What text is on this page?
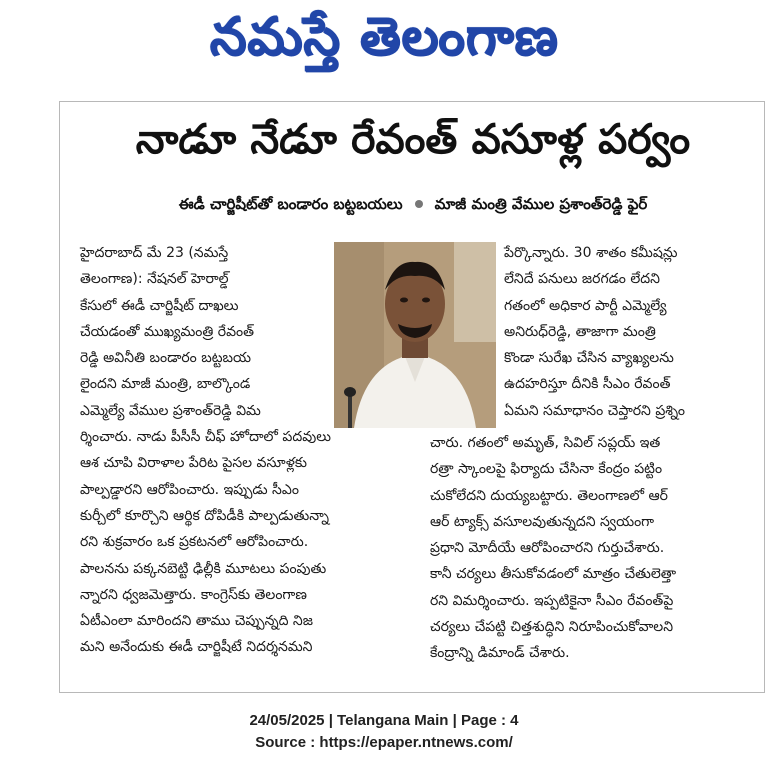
నమస్తే తెలంగాణ
నాడూ నేడూ రేవంత్ వసూళ్ల పర్వం
ఈడీ చార్జిషీట్‌తో బండారం బట్టబయలు మాజీ మంత్రి వేముల ప్రశాంత్‌రెడ్డి ఫైర్
హైదరాబాద్ మే 23 (నమస్తే
తెలంగాణ): నేషనల్ హెరాల్డ్
కేసులో ఈడీ చార్జిషీట్ దాఖలు
చేయడంతో ముఖ్యమంత్రి రేవంత్
రెడ్డి అవినీతి బండారం బట్టబయ
లైందని మాజీ మంత్రి, బాల్కొండ
ఎమ్మెల్యే వేముల ప్రశాంత్‌రెడ్డి విమ
ర్శించారు. నాడు పీసీసీ చీఫ్ హోదాలో పదవులు
ఆశ చూపి విరాళాల పేరిట పైసల వసూళ్లకు
పాల్పడ్డారని ఆరోపించారు. ఇప్పుడు సీఎం
కుర్చీలో కూర్చొని ఆర్థిక దోపిడీకి పాల్పడుతున్నా
రని శుక్రవారం ఒక ప్రకటనలో ఆరోపించారు.
పాలనను పక్కనబెట్టి ఢిల్లీకి మూటలు పంపుతు
న్నారని ధ్వజమెత్తారు. కాంగ్రెస్‌కు తెలంగాణ
ఏటీఎంలా మారిందని తాము చెప్పున్నది నిజ
మని అనేందుకు ఈడీ చార్జిషీటే నిదర్శనమని
పేర్కొన్నారు. 30 శాతం కమీషన్లు
లేనిదే పనులు జరగడం లేదని
గతంలో అధికార పార్టీ ఎమ్మెల్యే
అనిరుధ్‌రెడ్డి, తాజాగా మంత్రి
కొండా సురేఖ చేసిన వ్యాఖ్యలను
ఉదహరిస్తూ దీనికి సీఎం రేవంత్
ఏమని సమాధానం చెప్తారని ప్రశ్నిం
చారు. గతంలో అమృత్, సివిల్ సప్లయ్ ఇత
రత్రా స్కాంలపై ఫిర్యాదు చేసినా కేంద్రం పట్టిం
చుకోలేదని దుయ్యబట్టారు. తెలంగాణలో ఆర్
ఆర్ ట్యాక్స్ వసూలవుతున్నదని స్వయంగా
ప్రధాని మోదీయే ఆరోపించారని గుర్తుచేశారు.
కానీ చర్యలు తీసుకోవడంలో మాత్రం చేతులెత్తా
రని విమర్శించారు. ఇప్పటికైనా సీఎం రేవంత్‌పై
చర్యలు చేపట్టి చిత్తశుద్ధిని నిరూపించుకోవాలని
కేంద్రాన్ని డిమాండ్ చేశారు.
24/05/2025 | Telangana Main | Page : 4
Source : https://epaper.ntnews.com/
